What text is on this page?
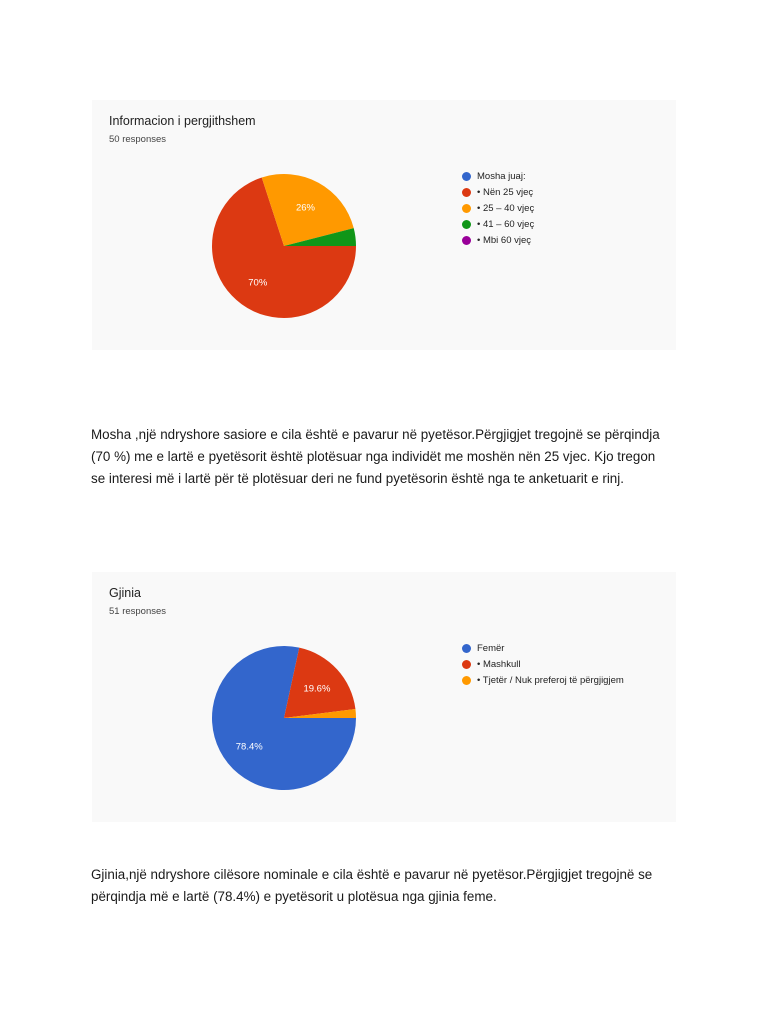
Informacion i pergjithshem
50 responses
70%
26%
Mosha juaj:
• Nën 25 vjeç
• 25 – 40 vjeç
• 41 – 60 vjeç
• Mbi 60 vjeç
Mosha ,një ndryshore sasiore e cila është e pavarur në pyetësor.Përgjigjet tregojnë se përqindja
(70 %) me e lartë e pyetësorit është plotësuar nga individët me moshën nën 25 vjec. Kjo tregon
se interesi më i lartë për të plotësuar deri ne fund pyetësorin është nga te anketuarit e rinj.
Gjinia
51 responses
78.4%
19.6%
Femër
• Mashkull
• Tjetër / Nuk preferoj të përgjigjem
Gjinia,një ndryshore cilësore nominale e cila është e pavarur në pyetësor.Përgjigjet tregojnë se
përqindja më e lartë (78.4%) e pyetësorit u plotësua nga gjinia feme.
